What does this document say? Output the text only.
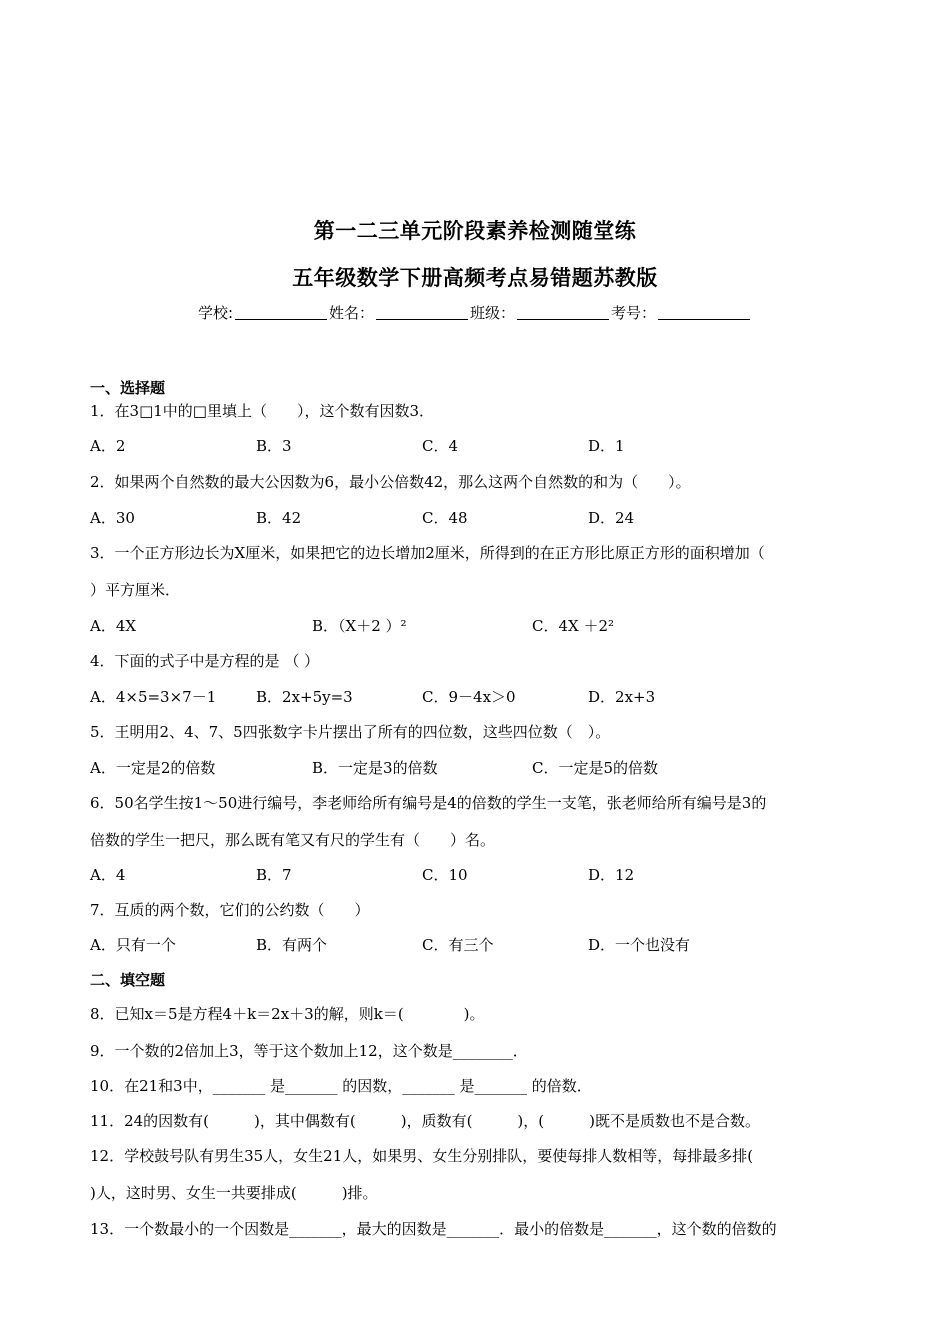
第一二三单元阶段素养检测随堂练
五年级数学下册高频考点易错题苏教版
学校:	姓名：	班级：	考号：
一、选择题
1．在3□1中的□里填上（　　），这个数有因数3．
A．2	B．3	C．4	D．1
2．如果两个自然数的最大公因数为6，最小公倍数42，那么这两个自然数的和为（　　）。
A．30	B．42	C．48	D．24
3．一个正方形边长为X厘米，如果把它的边长增加2厘米，所得到的在正方形比原正方形的面积增加（
）平方厘米．
A．4X	B．（X＋2 ）²	C．4X ＋2²
4．下面的式子中是方程的是 （ ）
A．4×5=3×7－1	B．2x+5y=3	C．9－4x＞0	D．2x+3
5．王明用2、4、7、5四张数字卡片摆出了所有的四位数，这些四位数（　）。
A．一定是2的倍数	B．一定是3的倍数	C．一定是5的倍数
6．50名学生按1～50进行编号，李老师给所有编号是4的倍数的学生一支笔，张老师给所有编号是3的
倍数的学生一把尺，那么既有笔又有尺的学生有（　　）名。
A．4	B．7	C．10	D．12
7．互质的两个数，它们的公约数（　　）
A．只有一个	B．有两个	C．有三个	D．一个也没有
二、填空题
8．已知x＝5是方程4＋k＝2x＋3的解，则k＝(　　　　)。
9．一个数的2倍加上3，等于这个数加上12，这个数是________．
10．在21和3中，_______ 是_______ 的因数，_______ 是_______ 的倍数．
11．24的因数有(　　　)，其中偶数有(　　　)，质数有(　　　)，(　　　)既不是质数也不是合数。
12．学校鼓号队有男生35人，女生21人，如果男、女生分别排队，要使每排人数相等，每排最多排(
)人，这时男、女生一共要排成(　　　)排。
13．一个数最小的一个因数是_______，最大的因数是_______．最小的倍数是_______，这个数的倍数的
